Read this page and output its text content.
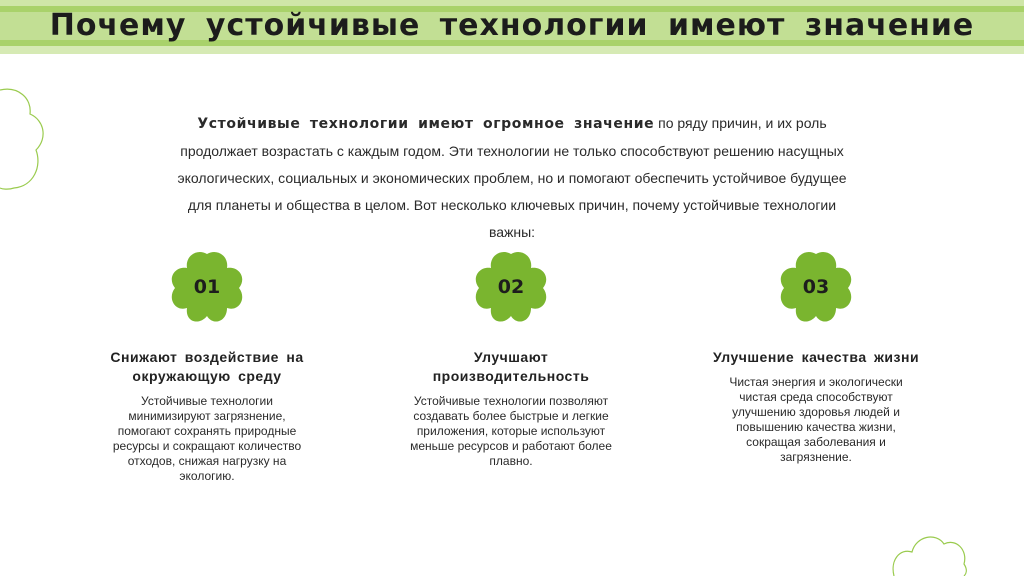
Почему устойчивые технологии имеют значение
Устойчивые технологии имеют огромное значение по ряду причин, и их роль продолжает возрастать с каждым годом. Эти технологии не только способствуют решению насущных экологических, социальных и экономических проблем, но и помогают обеспечить устойчивое будущее для планеты и общества в целом. Вот несколько ключевых причин, почему устойчивые технологии важны:
01
Снижают воздействие на окружающую среду
Устойчивые технологии минимизируют загрязнение, помогают сохранять природные ресурсы и сокращают количество отходов, снижая нагрузку на экологию.
02
Улучшают производительность
Устойчивые технологии позволяют создавать более быстрые и легкие приложения, которые используют меньше ресурсов и работают более плавно.
03
Улучшение качества жизни
Чистая энергия и экологически чистая среда способствуют улучшению здоровья людей и повышению качества жизни, сокращая заболевания и загрязнение.
